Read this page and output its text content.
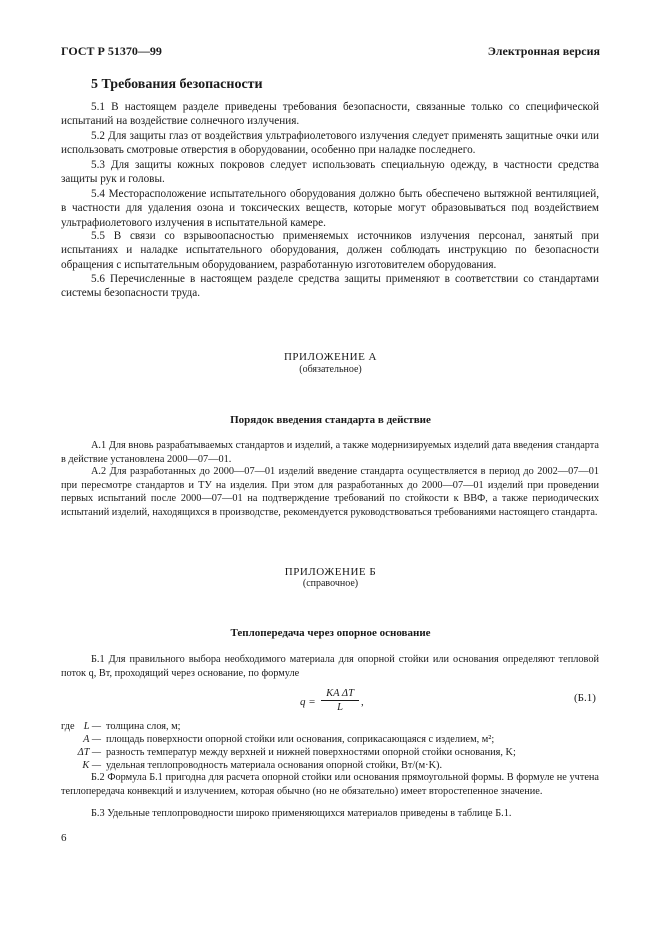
ГОСТ Р 51370—99	Электронная версия
5 Требования безопасности

5.1 В настоящем разделе приведены требования безопасности, связанные только со специфической испытаний на воздействие солнечного излучения.

5.2 Для защиты глаз от воздействия ультрафиолетового излучения следует применять защитные очки или использовать смотровые отверстия в оборудовании, особенно при наладке последнего.

5.3 Для защиты кожных покровов следует использовать специальную одежду, в частности средства защиты рук и головы.

5.4 Месторасположение испытательного оборудования должно быть обеспечено вытяжной вентиляцией, в частности для удаления озона и токсических веществ, которые могут образовываться под воздействием ультрафиолетового излучения в испытательной камере.

5.5 В связи со взрывоопасностью применяемых источников излучения персонал, занятый при испытаниях и наладке испытательного оборудования, должен соблюдать инструкцию по безопасности обращения с испытательным оборудованием, разработанную изготовителем оборудования.

5.6 Перечисленные в настоящем разделе средства защиты применяют в соответствии со стандартами системы безопасности труда.

ПРИЛОЖЕНИЕ А
(обязательное)
Порядок введения стандарта в действие

А.1 Для вновь разрабатываемых стандартов и изделий, а также модернизируемых изделий дата введения стандарта в действие установлена 2000—07—01.

А.2 Для разработанных до 2000—07—01 изделий введение стандарта осуществляется в период до 2002—07—01 при пересмотре стандартов и ТУ на изделия. При этом для разработанных до 2000—07—01 изделий при проведении первых испытаний после 2000—07—01 на подтверждение требований по стойкости к ВВФ, а также периодических испытаний изделий, находящихся в производстве, рекомендуется руководствоваться требованиями настоящего стандарта.

ПРИЛОЖЕНИЕ Б
(справочное)
Теплопередача через опорное основание

Б.1 Для правильного выбора необходимого материала для опорной стойки или основания определяют тепловой поток q, Вт, проходящий через основание, по формуле

$q = \frac{\text{KA ΔT}}{L}$ ,	(Б.1)
где L — толщина слоя, м;
A — площадь поверхности опорной стойки или основания, соприкасающаяся с изделием, м²;
ΔT — разность температур между верхней и нижней поверхностями опорной стойки основания, K;
K — удельная теплопроводность материала основания опорной стойки, Вт/(м·K).

Б.2 Формула Б.1 пригодна для расчета опорной стойки или основания прямоугольной формы. В формуле не учтена теплопередача конвекций и излучением, которая обычно (но не обязательно) имеет второстепенное значение.

Б.3 Удельные теплопроводности широко применяющихся материалов приведены в таблице Б.1.

6
